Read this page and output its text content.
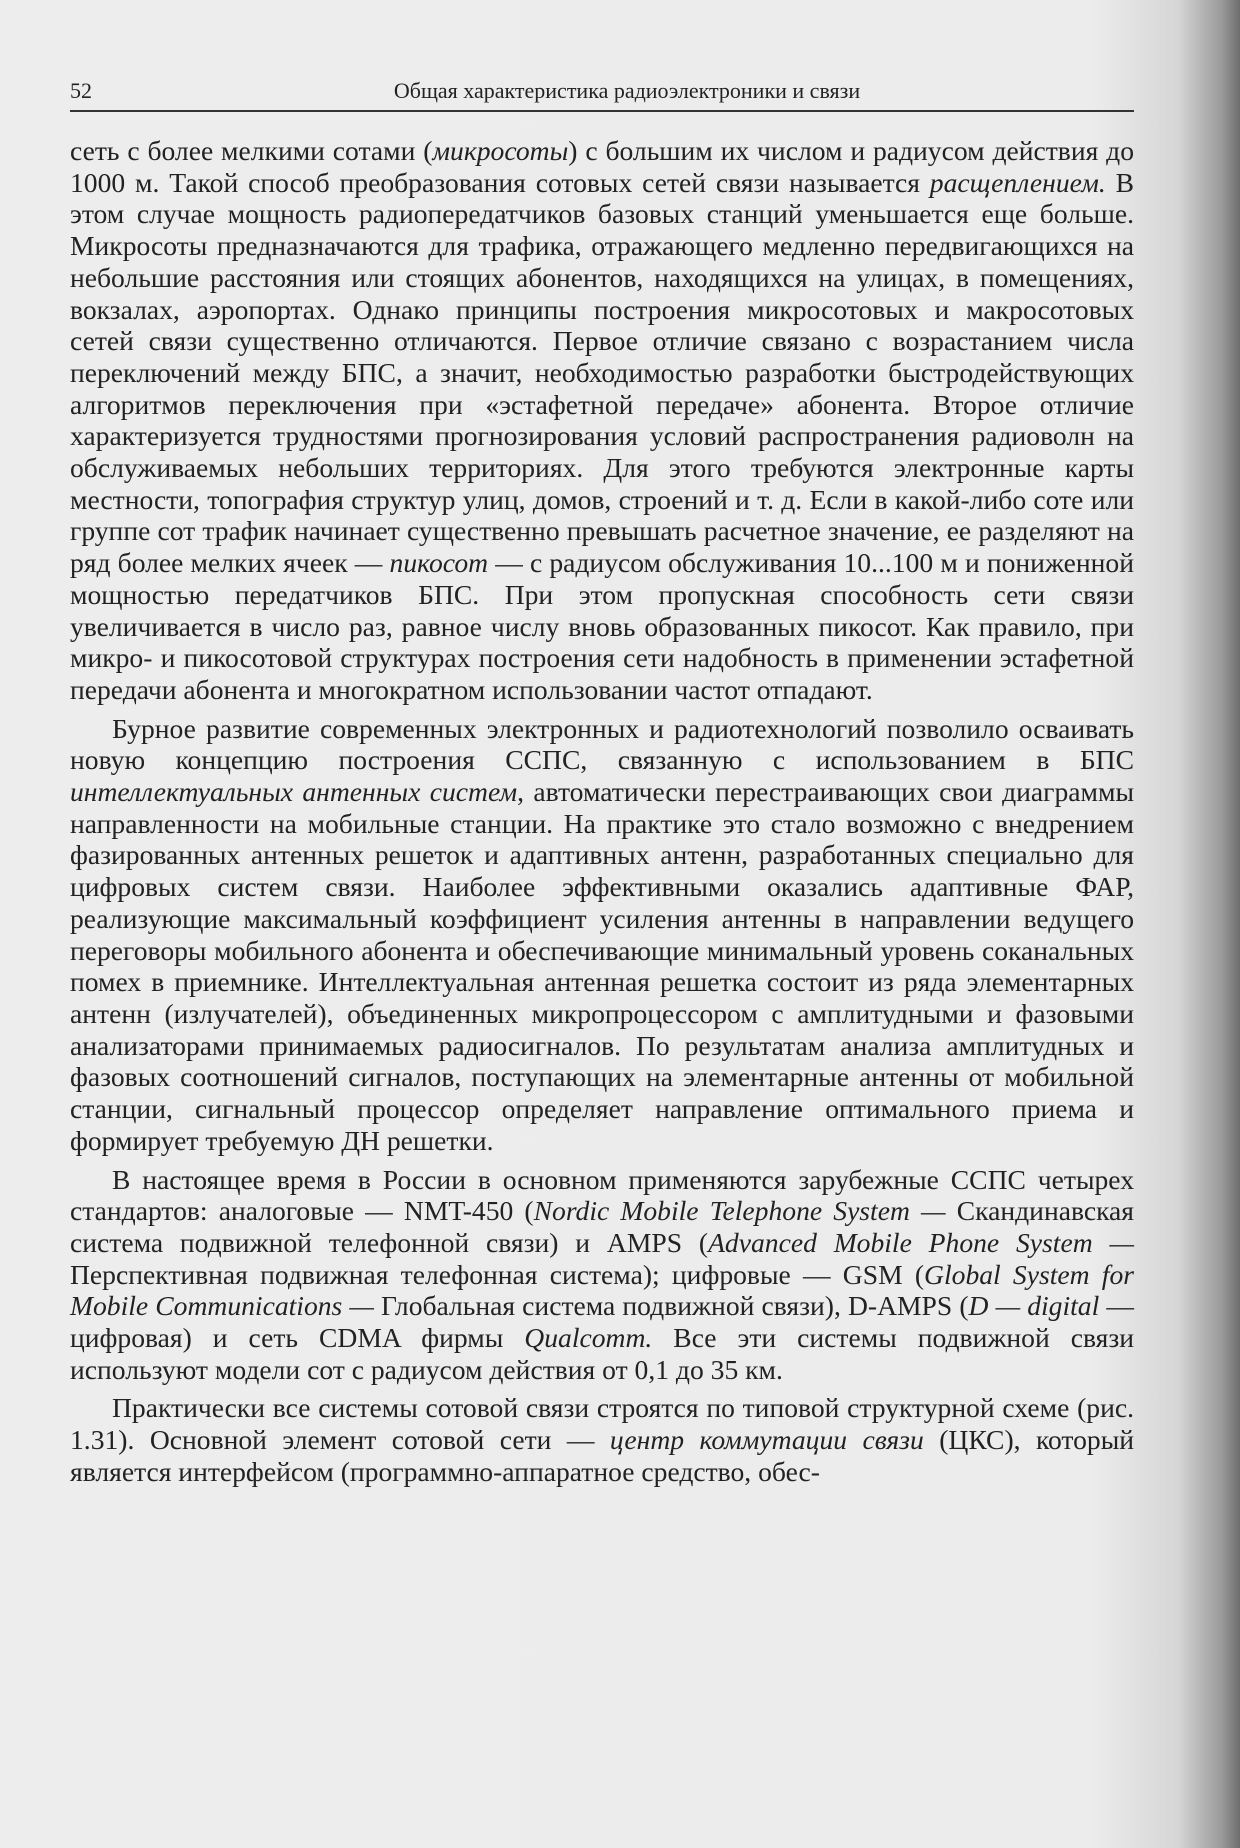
52	Общая характеристика радиоэлектроники и связи

сеть с более мелкими сотами (микросоты) с большим их числом и радиусом действия до 1000 м. Такой способ преобразования сотовых сетей связи называется расщеплением. В этом случае мощность радиопередатчиков базовых станций уменьшается еще больше. Микросоты предназначаются для трафика, отражающего медленно передвигающихся на небольшие расстояния или стоящих абонентов, находящихся на улицах, в помещениях, вокзалах, аэропортах. Однако принципы построения микросотовых и макросотовых сетей связи существенно отличаются. Первое отличие связано с возрастанием числа переключений между БПС, а значит, необходимостью разработки быстродействующих алгоритмов переключения при «эстафетной передаче» абонента. Второе отличие характеризуется трудностями прогнозирования условий распространения радиоволн на обслуживаемых небольших территориях. Для этого требуются электронные карты местности, топография структур улиц, домов, строений и т. д. Если в какой-либо соте или группе сот трафик начинает существенно превышать расчетное значение, ее разделяют на ряд более мелких ячеек — пикосот — с радиусом обслуживания 10...100 м и пониженной мощностью передатчиков БПС. При этом пропускная способность сети связи увеличивается в число раз, равное числу вновь образованных пикосот. Как правило, при микро- и пикосотовой структурах построения сети надобность в применении эстафетной передачи абонента и многократном использовании частот отпадают.

Бурное развитие современных электронных и радиотехнологий позволило осваивать новую концепцию построения ССПС, связанную с использованием в БПС интеллектуальных антенных систем, автоматически перестраивающих свои диаграммы направленности на мобильные станции. На практике это стало возможно с внедрением фазированных антенных решеток и адаптивных антенн, разработанных специально для цифровых систем связи. Наиболее эффективными оказались адаптивные ФАР, реализующие максимальный коэффициент усиления антенны в направлении ведущего переговоры мобильного абонента и обеспечивающие минимальный уровень соканальных помех в приемнике. Интеллектуальная антенная решетка состоит из ряда элементарных антенн (излучателей), объединенных микропроцессором с амплитудными и фазовыми анализаторами принимаемых радиосигналов. По результатам анализа амплитудных и фазовых соотношений сигналов, поступающих на элементарные антенны от мобильной станции, сигнальный процессор определяет направление оптимального приема и формирует требуемую ДН решетки.

В настоящее время в России в основном применяются зарубежные ССПС четырех стандартов: аналоговые — NMT-450 (Nordic Mobile Telephone System — Скандинавская система подвижной телефонной связи) и AMPS (Advanced Mobile Phone System — Перспективная подвижная телефонная система); цифровые — GSM (Global System for Mobile Communications — Глобальная система подвижной связи), D-AMPS (D — digital — цифровая) и сеть CDMA фирмы Qualcomm. Все эти системы подвижной связи используют модели сот с радиусом действия от 0,1 до 35 км.

Практически все системы сотовой связи строятся по типовой структурной схеме (рис. 1.31). Основной элемент сотовой сети — центр коммутации связи (ЦКС), который является интерфейсом (программно-аппаратное средство, обес-
